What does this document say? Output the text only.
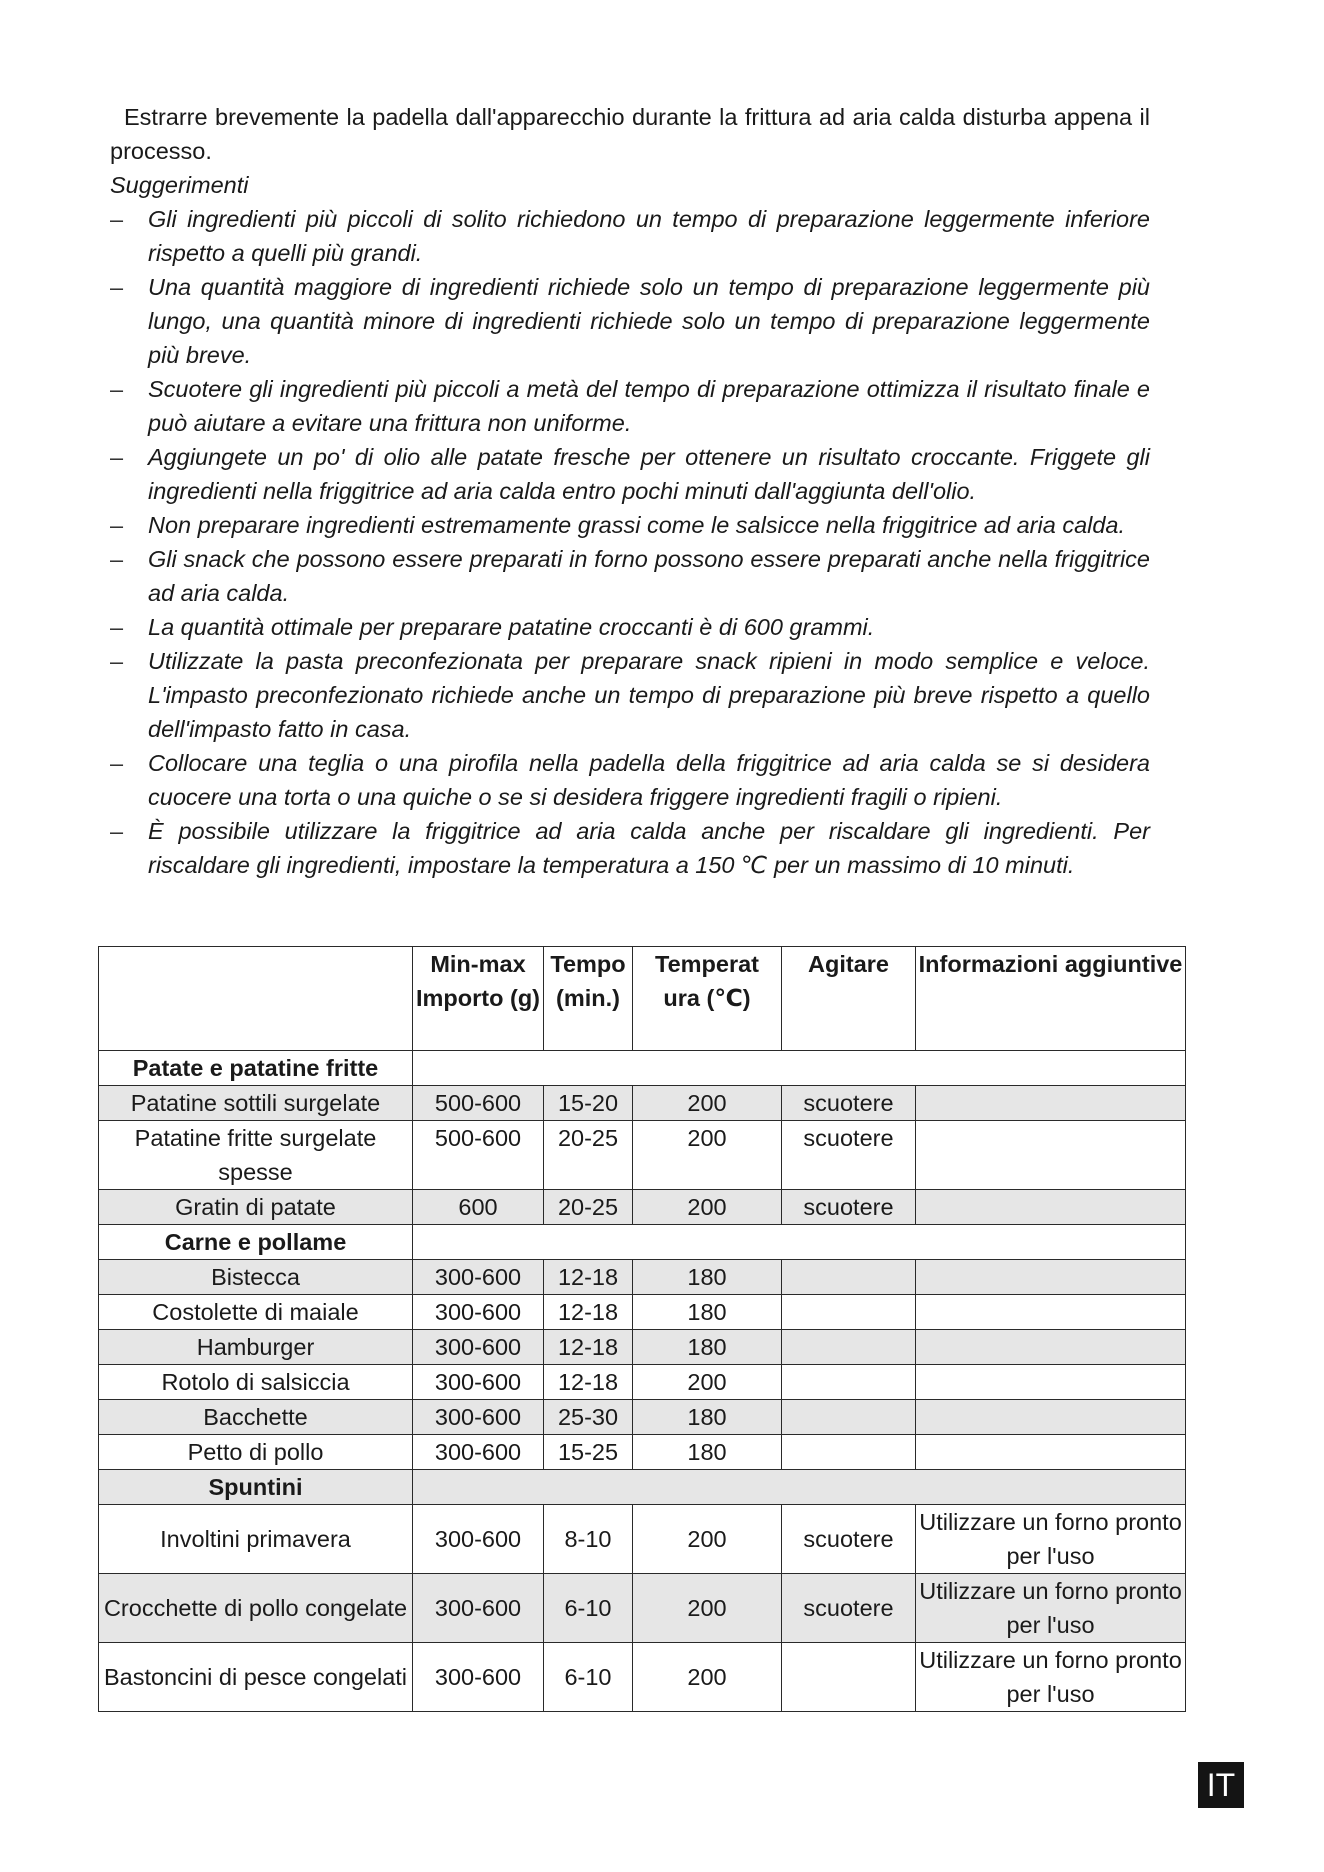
Estrarre brevemente la padella dall'apparecchio durante la frittura ad aria calda disturba appena il processo.

Suggerimenti

– Gli ingredienti più piccoli di solito richiedono un tempo di preparazione leggermente inferiore rispetto a quelli più grandi.
– Una quantità maggiore di ingredienti richiede solo un tempo di preparazione leggermente più lungo, una quantità minore di ingredienti richiede solo un tempo di preparazione leggermente più breve.
– Scuotere gli ingredienti più piccoli a metà del tempo di preparazione ottimizza il risultato finale e può aiutare a evitare una frittura non uniforme.
– Aggiungete un po' di olio alle patate fresche per ottenere un risultato croccante. Friggete gli ingredienti nella friggitrice ad aria calda entro pochi minuti dall'aggiunta dell'olio.
– Non preparare ingredienti estremamente grassi come le salsicce nella friggitrice ad aria calda.
– Gli snack che possono essere preparati in forno possono essere preparati anche nella friggitrice ad aria calda.
– La quantità ottimale per preparare patatine croccanti è di 600 grammi.
– Utilizzate la pasta preconfezionata per preparare snack ripieni in modo semplice e veloce. L'impasto preconfezionato richiede anche un tempo di preparazione più breve rispetto a quello dell'impasto fatto in casa.
– Collocare una teglia o una pirofila nella padella della friggitrice ad aria calda se si desidera cuocere una torta o una quiche o se si desidera friggere ingredienti fragili o ripieni.
– È possibile utilizzare la friggitrice ad aria calda anche per riscaldare gli ingredienti. Per riscaldare gli ingredienti, impostare la temperatura a 150 ℃ per un massimo di 10 minuti.
	Min-max Importo (g)	Tempo (min.)	Temperat ura (℃)	Agitare	Informazioni aggiuntive
Patate e patatine fritte					
Patatine sottili surgelate	500-600	15-20	200	scuotere	
Patatine fritte surgelate spesse	500-600	20-25	200	scuotere	
Gratin di patate	600	20-25	200	scuotere	
Carne e pollame					
Bistecca	300-600	12-18	180		
Costolette di maiale	300-600	12-18	180		
Hamburger	300-600	12-18	180		
Rotolo di salsiccia	300-600	12-18	200		
Bacchette	300-600	25-30	180		
Petto di pollo	300-600	15-25	180		
Spuntini					
Involtini primavera	300-600	8-10	200	scuotere	Utilizzare un forno pronto per l'uso
Crocchette di pollo congelate	300-600	6-10	200	scuotere	Utilizzare un forno pronto per l'uso
Bastoncini di pesce congelati	300-600	6-10	200		Utilizzare un forno pronto per l'uso
IT
